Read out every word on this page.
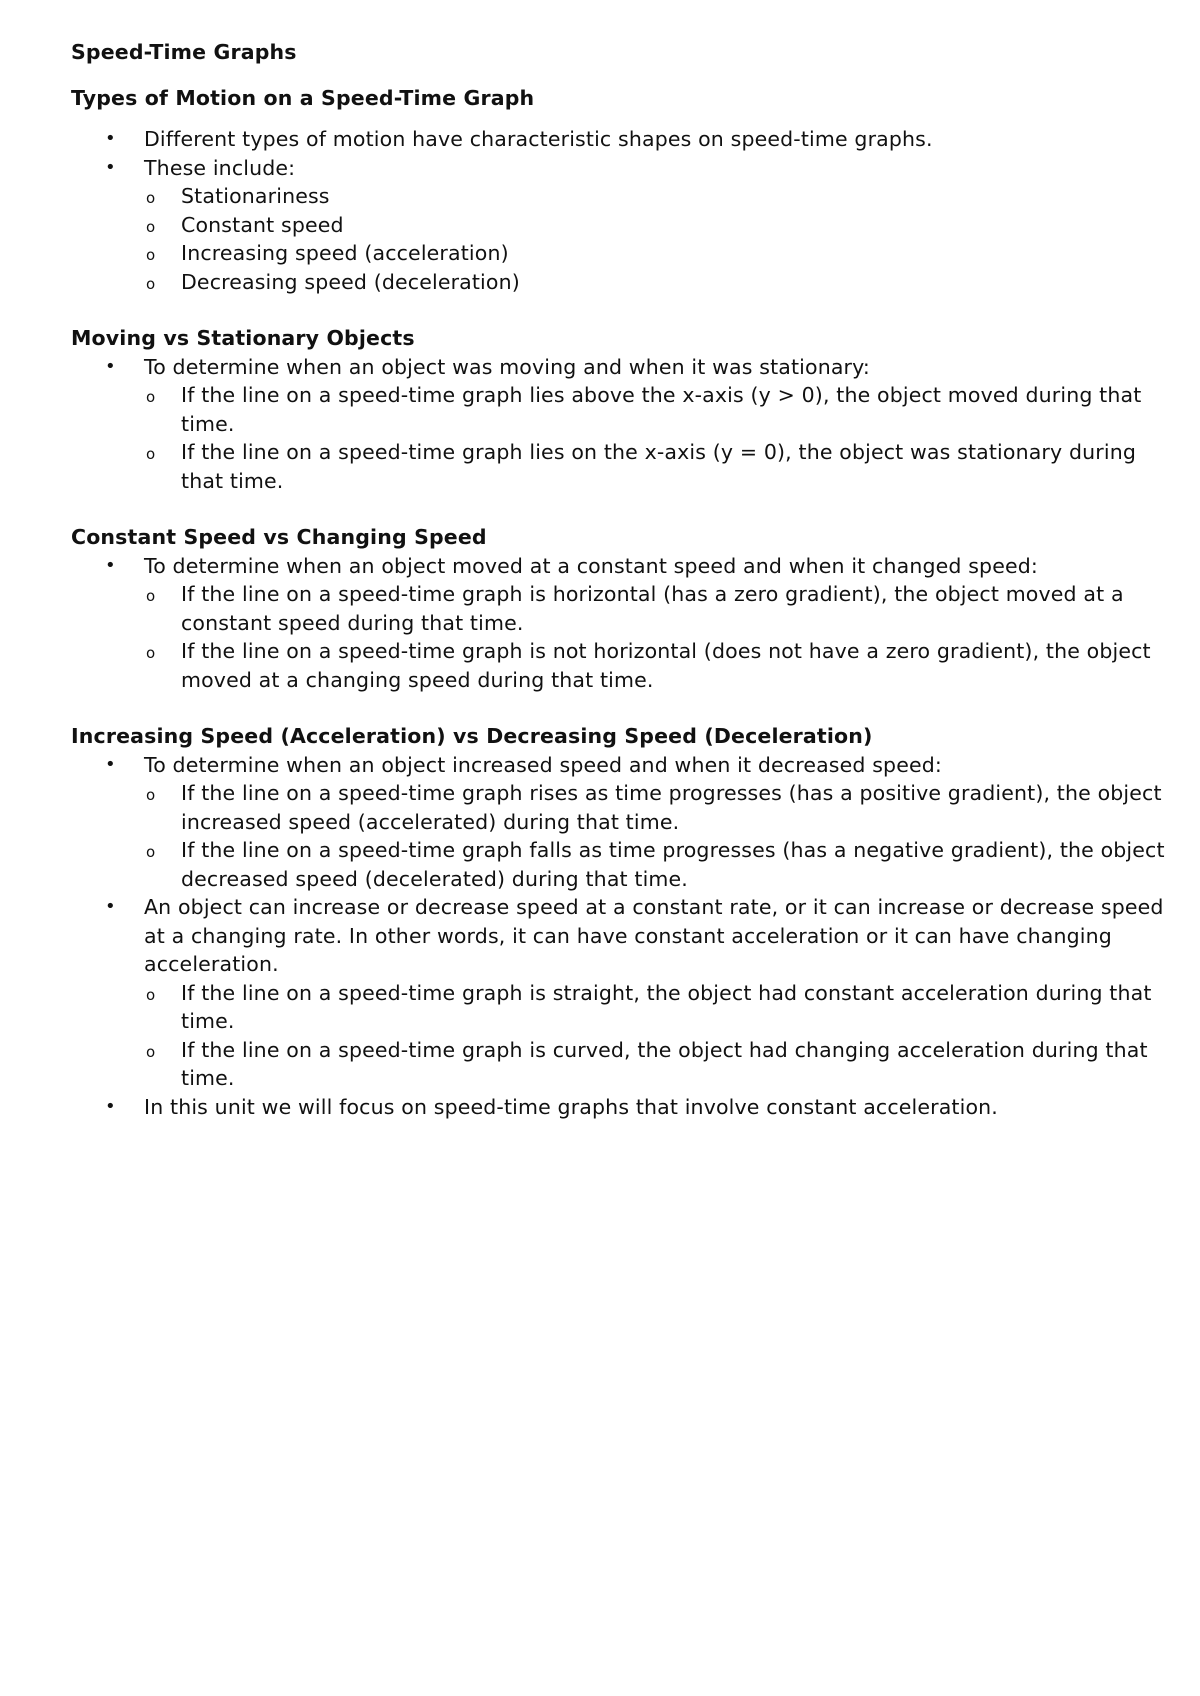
Speed-Time Graphs
Types of Motion on a Speed-Time Graph
• Different types of motion have characteristic shapes on speed-time graphs.
• These include:
o Stationariness
o Constant speed
o Increasing speed (acceleration)
o Decreasing speed (deceleration)
Moving vs Stationary Objects
• To determine when an object was moving and when it was stationary:
o If the line on a speed-time graph lies above the x-axis (y > 0), the object moved during that time.
o If the line on a speed-time graph lies on the x-axis (y = 0), the object was stationary during that time.
Constant Speed vs Changing Speed
• To determine when an object moved at a constant speed and when it changed speed:
o If the line on a speed-time graph is horizontal (has a zero gradient), the object moved at a constant speed during that time.
o If the line on a speed-time graph is not horizontal (does not have a zero gradient), the object moved at a changing speed during that time.
Increasing Speed (Acceleration) vs Decreasing Speed (Deceleration)
• To determine when an object increased speed and when it decreased speed:
o If the line on a speed-time graph rises as time progresses (has a positive gradient), the object increased speed (accelerated) during that time.
o If the line on a speed-time graph falls as time progresses (has a negative gradient), the object decreased speed (decelerated) during that time.
• An object can increase or decrease speed at a constant rate, or it can increase or decrease speed at a changing rate. In other words, it can have constant acceleration or it can have changing acceleration.
o If the line on a speed-time graph is straight, the object had constant acceleration during that time.
o If the line on a speed-time graph is curved, the object had changing acceleration during that time.
• In this unit we will focus on speed-time graphs that involve constant acceleration.
